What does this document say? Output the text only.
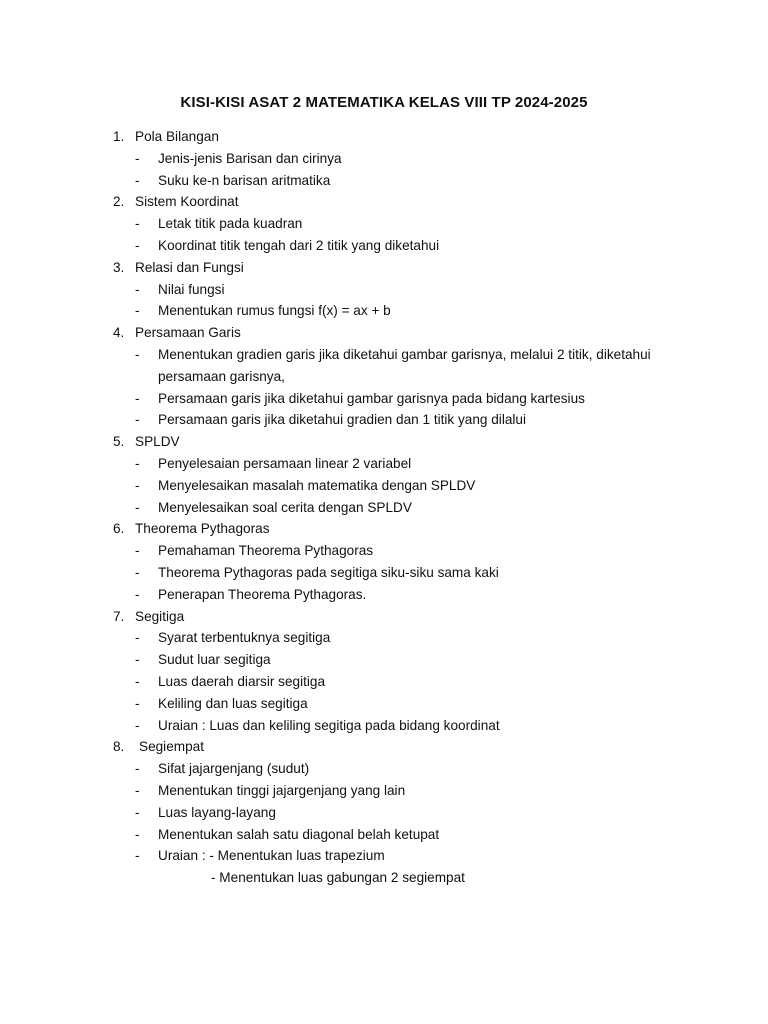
KISI-KISI ASAT 2 MATEMATIKA KELAS VIII TP 2024-2025
1. Pola Bilangan
- Jenis-jenis Barisan dan cirinya
- Suku ke-n barisan aritmatika
2. Sistem Koordinat
- Letak titik pada kuadran
- Koordinat titik tengah dari 2 titik yang diketahui
3. Relasi dan Fungsi
- Nilai fungsi
- Menentukan rumus fungsi f(x) = ax + b
4. Persamaan Garis
- Menentukan gradien garis jika diketahui gambar garisnya, melalui 2 titik, diketahui persamaan garisnya,
- Persamaan garis jika diketahui gambar garisnya pada bidang kartesius
- Persamaan garis jika diketahui gradien dan 1 titik yang dilalui
5. SPLDV
- Penyelesaian persamaan linear 2 variabel
- Menyelesaikan masalah matematika dengan SPLDV
- Menyelesaikan soal cerita dengan SPLDV
6. Theorema Pythagoras
- Pemahaman Theorema Pythagoras
- Theorema Pythagoras pada segitiga siku-siku sama kaki
- Penerapan Theorema Pythagoras.
7. Segitiga
- Syarat terbentuknya segitiga
- Sudut luar segitiga
- Luas daerah diarsir segitiga
- Keliling dan luas segitiga
- Uraian : Luas dan keliling segitiga pada bidang koordinat
8.	Segiempat
- Sifat jajargenjang (sudut)
- Menentukan tinggi jajargenjang yang lain
- Luas layang-layang
- Menentukan salah satu diagonal belah ketupat
- Uraian : - Menentukan luas trapezium
- Menentukan luas gabungan 2 segiempat
